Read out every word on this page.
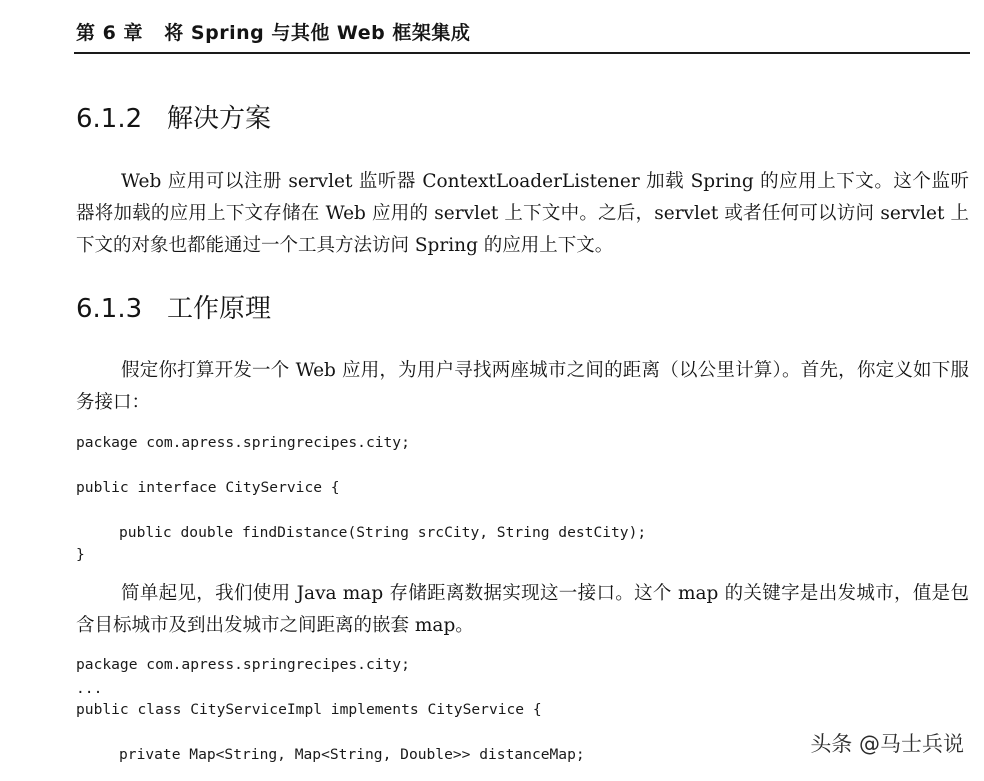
第 6 章   将 Spring 与其他 Web 框架集成
6.1.2   解决方案
Web 应用可以注册 servlet 监听器 ContextLoaderListener 加载 Spring 的应用上下文。这个监听器将加载的应用上下文存储在 Web 应用的 servlet 上下文中。之后，servlet 或者任何可以访问 servlet 上下文的对象也都能通过一个工具方法访问 Spring 的应用上下文。
6.1.3   工作原理
假定你打算开发一个 Web 应用，为用户寻找两座城市之间的距离（以公里计算）。首先，你定义如下服务接口：
package com.apress.springrecipes.city;
public interface CityService {
public double findDistance(String srcCity, String destCity);
}
简单起见，我们使用 Java map 存储距离数据实现这一接口。这个 map 的关键字是出发城市，值是包含目标城市及到出发城市之间距离的嵌套 map。
package com.apress.springrecipes.city;
...
public class CityServiceImpl implements CityService {
private Map<String, Map<String, Double>> distanceMap;	头条 @马士兵说
